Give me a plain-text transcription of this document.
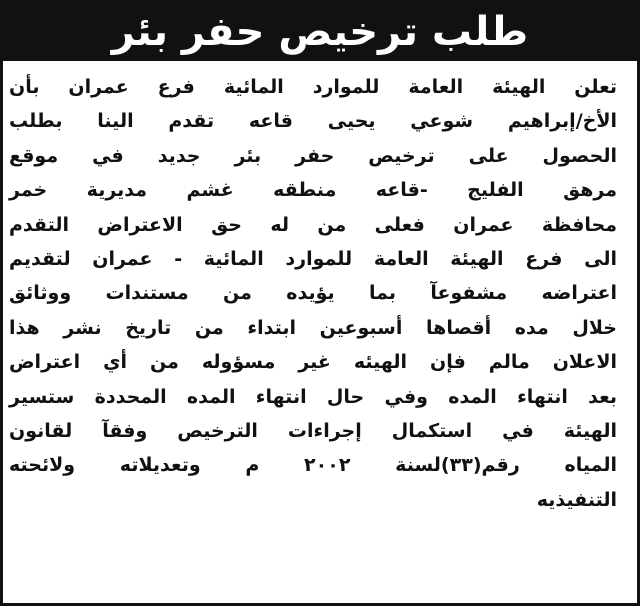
طلب ترخيص حفر بئر
تعلن الهيئة العامة للموارد المائية فرع عمران بأن
الأخ/إبراهيم شوعي يحيى قاعه تقدم الينا بطلب
الحصول على ترخيص حفر بئر جديد في موقع
مرهق الفليج -قاعه منطقه غشم مديرية خمر
محافظة عمران فعلى من له حق الاعتراض التقدم
الى فرع الهيئة العامة للموارد المائية - عمران لتقديم
اعتراضه مشفوعآ بما يؤيده من مستندات ووثائق
خلال مده أقصاها أسبوعين ابتداء من تاريخ نشر هذا
الاعلان مالم فإن الهيئه غير مسؤوله من أي اعتراض
بعد انتهاء المده وفي حال انتهاء المده المحددة ستسير
الهيئة في استكمال إجراءات الترخيص وفقآ لقانون
المياه رقم(٣٣)لسنة ٢٠٠٢ م وتعديلاته ولائحته
التنفيذيه
